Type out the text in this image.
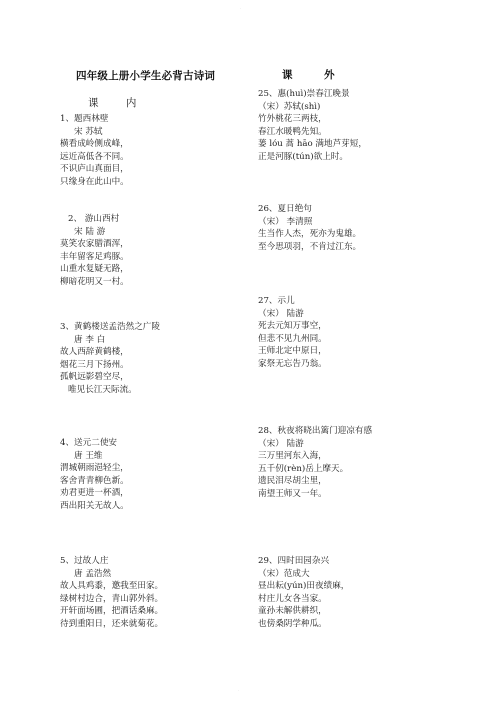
·
四年级上册小学生必背古诗词	课 外
课 内
1、题西林壁
宋 苏轼
横看成岭侧成峰，
远近高低各不同。
不识庐山真面目，
只缘身在此山中。
2、 游山西村
宋 陆 游
莫笑农家腊酒浑，
丰年留客足鸡豚。
山重水复疑无路，
柳暗花明又一村。
3、黄鹤楼送孟浩然之广陵
唐 李 白
故人西辞黄鹤楼，
烟花三月下扬州。
孤帆远影碧空尽，
唯见长江天际流。
4、送元二使安
唐 王维
渭城朝雨浥轻尘，
客舍青青柳色新。
劝君更进一杯酒，
西出阳关无故人。
5、过故人庄
唐 孟浩然
故人具鸡黍，邀我至田家。
绿树村边合，青山郭外斜。
开轩面场圃，把酒话桑麻。
待到重阳日，还来就菊花。
25、惠(huì)崇春江晚景
（宋）苏轼(shì)
竹外桃花三两枝，
春江水暖鸭先知。
蒌 lóu 蒿 hāo 满地芦芽短，
正是河豚(tún)欲上时。
26、夏日绝句
（宋） 李清照
生当作人杰，死亦为鬼雄。
至今思项羽，不肯过江东。
27、示儿
（宋） 陆游
死去元知万事空，
但悲不见九州同。
王师北定中原日，
家祭无忘告乃翁。
28、秋夜将晓出篱门迎凉有感
（宋） 陆游
三万里河东入海，
五千仞(rèn)岳上摩天。
遗民泪尽胡尘里，
南望王师又一年。
29、四时田园杂兴
（宋）范成大
昼出耘(yún)田夜绩麻，
村庄儿女各当家。
童孙未解供耕织，
也傍桑阴学种瓜。
·
